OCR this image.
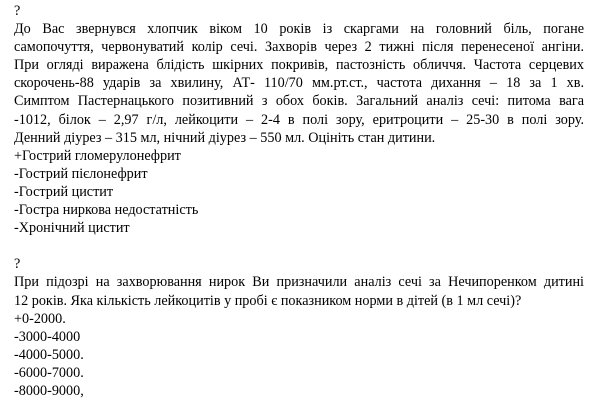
?
До Вас звернувся хлопчик віком 10 років із скаргами на головний біль, погане
самопочуття, червонуватий колір сечі. Захворів через 2 тижні після перенесеної ангіни.
При огляді виражена блідість шкірних покривів, пастозність обличчя. Частота серцевих
скорочень-88 ударів за хвилину, АТ- 110/70 мм.рт.ст., частота дихання – 18 за 1 хв.
Симптом Пастернацького позитивний з обох боків. Загальний аналіз сечі: питома вага
-1012, білок – 2,97 г/л, лейкоцити – 2-4 в полі зору, еритроцити – 25-30 в полі зору.
Денний діурез – 315 мл, нічний діурез – 550 мл. Оцініть стан дитини.
+Гострий гломерулонефрит
-Гострий пієлонефрит
-Гострий цистит
-Гостра ниркова недостатність
-Хронічний цистит
?
При підозрі на захворювання нирок Ви призначили аналіз сечі за Нечипоренком дитині
12 років. Яка кількість лейкоцитів у пробі є показником норми в дітей (в 1 мл сечі)?
+0-2000.
-3000-4000
-4000-5000.
-6000-7000.
-8000-9000,
